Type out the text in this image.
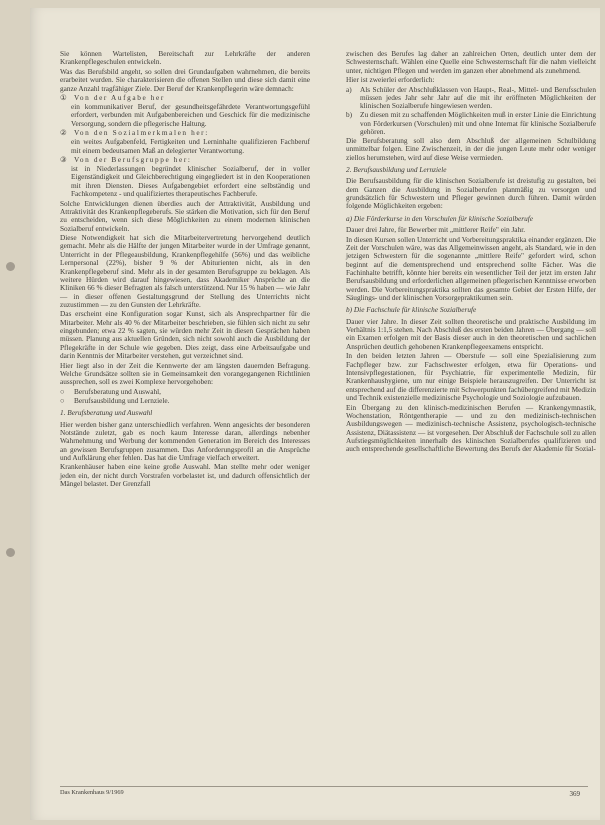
Sie können Wartelisten, Bereitschaft zur Lehrkräfte der anderen Krankenpflegeschulen entwickeln.

Was das Berufsbild angeht, so sollen drei Grundaufgaben wahrnehmen, die bereits erarbeitet wurden. Sie charakterisieren die offenen Stellen und diese sich damit eine ganze Anzahl tragfähiger Ziele. Der Beruf der Krankenpflegerin wäre demnach:

①	Von der Aufgabe her

ein kommunikativer Beruf, der gesundheitsgefährdete Verantwortungsgefühl erfordert, verbunden mit Aufgabenbereichen und Geschick für die medizinische Versorgung, sondern die pflegerische Haltung.

②	Von den Sozialmerkmalen her:

ein weites Aufgabenfeld, Fertigkeiten und Lerninhalte qualifizieren Fachberuf mit einem bedeutsamen Maß an delegierter Verantwortung.

③	Von der Berufsgruppe her:

ist in Niederlassungen begründet klinischer Sozialberuf, der in voller Eigenständigkeit und Gleichberechtigung eingegliedert ist in den Kooperationen mit ihren Diensten. Dieses Aufgabengebiet erfordert eine selbständig und Fachkompetenz - und qualifiziertes therapeutisches Fachberufe.

Solche Entwicklungen dienen überdies auch der Attraktivität, Ausbildung und Attraktivität des Krankenpflegeberufs. Sie stärken die Motivation, sich für den Beruf zu entscheiden, wenn sich diese Möglichkeiten zu einem modernen klinischen Sozialberuf entwickeln.

Diese Notwendigkeit hat sich die Mitarbeitervertretung hervorgehend deutlich gemacht. Mehr als die Hälfte der jungen Mitarbeiter wurde in der Umfrage genannt, Unterricht in der Pflegeausbildung, Krankenpflegehilfe (56%) und das weibliche Lernpersonal (22%), bisher 9 % der Abiturienten nicht, als in den Krankenpflegeberuf sind. Mehr als in der gesamten Berufsgruppe zu beklagen. Als weitere Hürden wird darauf hingewiesen, dass Akademiker Ansprüche an die Kliniken 66 % dieser Befragten als falsch unterstützend. Nur 15 % haben — wie Jahr — in dieser offenen Gestaltungsgrund der Stellung des Unterrichts nicht zuzustimmen — zu den Gunsten der Lehrkräfte.

Das erscheint eine Konfiguration sogar Kunst, sich als Ansprechpartner für die Mitarbeiter. Mehr als 40 % der Mitarbeiter beschrieben, sie fühlen sich nicht zu sehr eingebunden; etwa 22 % sagten, sie würden mehr Zeit in diesen Gesprächen haben müssen. Planung aus aktuellen Gründen, sich nicht sowohl auch die Ausbildung der Pflegekräfte in der Schule wie gegeben. Dies zeigt, dass eine Arbeitsaufgabe und darin Kenntnis der Mitarbeiter verstehen, gut verzeichnet sind.

Hier liegt also in der Zeit die Kennwerte der am längsten dauernden Befragung. Welche Grundsätze sollten sie in Gemeinsamkeit den vorangegangenen Richtlinien aussprechen, soll es zwei Komplexe hervorgehoben:

○	Berufsberatung und Auswahl,

○	Berufsausbildung und Lernziele.

1. Berufsberatung und Auswahl

Hier werden bisher ganz unterschiedlich verfahren. Wenn angesichts der besonderen Notstände zuletzt, gab es noch kaum Interesse daran, allerdings nebenher Wahrnehmung und Werbung der kommenden Generation im Bereich des Interesses an gewissen Berufsgruppen zusammen. Das Anforderungsprofil an die Ansprüche und Aufklärung eher fehlen. Das hat die Umfrage vielfach erweitert.

Krankenhäuser haben eine keine große Auswahl. Man stellte mehr oder weniger jeden ein, der nicht durch Vorstrafen vorbelastet ist, und dadurch offensichtlich der Mängel belastet. Der Grenzfall

zwischen des Berufes lag daher an zahlreichen Orten, deutlich unter dem der Schwesternschaft. Wählen eine Quelle eine Schwesternschaft für die nahm vielleicht unter, nichtigen Pflegen und werden im ganzen eher abnehmend als zunehmend.

Hier ist zweierlei erforderlich:

a)	Als Schüler der Abschlußklassen von Haupt-, Real-, Mittel- und Berufsschulen müssen jedes Jahr sehr Jahr auf die mit ihr eröffneten Möglichkeiten der klinischen Sozialberufe hingewiesen werden.

b)	Zu diesen mit zu schaffenden Möglichkeiten muß in erster Linie die Einrichtung von Förderkursen (Vorschulen) mit und ohne Internat für klinische Sozialberufe gehören.

Die Berufsberatung soll also dem Abschluß der allgemeinen Schulbildung unmittelbar folgen. Eine Zwischenzeit, in der die jungen Leute mehr oder weniger ziellos herumstehen, wird auf diese Weise vermieden.

2. Berufsausbildung und Lernziele

Die Berufsausbildung für die klinischen Sozialberufe ist dreistufig zu gestalten, bei dem Ganzen die Ausbildung in Sozialberufen planmäßig zu versorgen und grundsätzlich für Schwestern und Pfleger gewinnen durch führen. Damit würden folgende Möglichkeiten ergeben:

a) Die Förderkurse in den Vorschulen für klinische Sozialberufe

Dauer drei Jahre, für Bewerber mit „mittlerer Reife" ein Jahr.

In diesen Kursen sollen Unterricht und Vorbereitungspraktika einander ergänzen. Die Zeit der Vorschulen wäre, was das Allgemeinwissen angeht, als Standard, wie in den jetzigen Schwestern für die sogenannte „mittlere Reife" gefordert wird, schon beginnt auf die dementsprechend und entsprechend sollte Fächer. Was die Fachinhalte betrifft, könnte hier bereits ein wesentlicher Teil der jetzt im ersten Jahr Berufsausbildung und erforderlichen allgemeinen pflegerischen Kenntnisse erworben werden. Die Vorbereitungspraktika sollten das gesamte Gebiet der Ersten Hilfe, der Säuglings- und der klinischen Vorsorgepraktikumen sein.

b) Die Fachschule für klinische Sozialberufe

Dauer vier Jahre. In dieser Zeit sollten theoretische und praktische Ausbildung im Verhältnis 1:1,5 stehen. Nach Abschluß des ersten beiden Jahren — Übergang — soll ein Examen erfolgen mit der Basis dieser auch in den theoretischen und sachlichen Ansprüchen deutlich gehobenen Krankenpflegeexamens entspricht.

In den beiden letzten Jahren — Oberstufe — soll eine Spezialisierung zum Fachpfleger bzw. zur Fachschwester erfolgen, etwa für Operations- und Intensivpflegestationen, für Psychiatrie, für experimentelle Medizin, für Krankenhaushygiene, um nur einige Beispiele herauszugreifen. Der Unterricht ist entsprechend auf die differenzierte mit Schwerpunkten fachübergreifend mit Medizin und Technik existenzielle medizinische Psychologie und Soziologie aufzubauen.

Ein Übergang zu den klinisch-medizinischen Berufen — Krankengymnastik, Wochenstation, Röntgentherapie — und zu den medizinisch-technischen Ausbildungswegen — medizinisch-technische Assistenz, psychologisch-technische Assistenz, Diätassistenz — ist vorgesehen. Der Abschluß der Fachschule soll zu allen Aufstiegsmöglichkeiten innerhalb des klinischen Sozialberufes qualifizieren und auch entsprechende gesellschaftliche Bewertung des Berufs der Akademie für Sozial-

Das Krankenhaus 9/1969	369
